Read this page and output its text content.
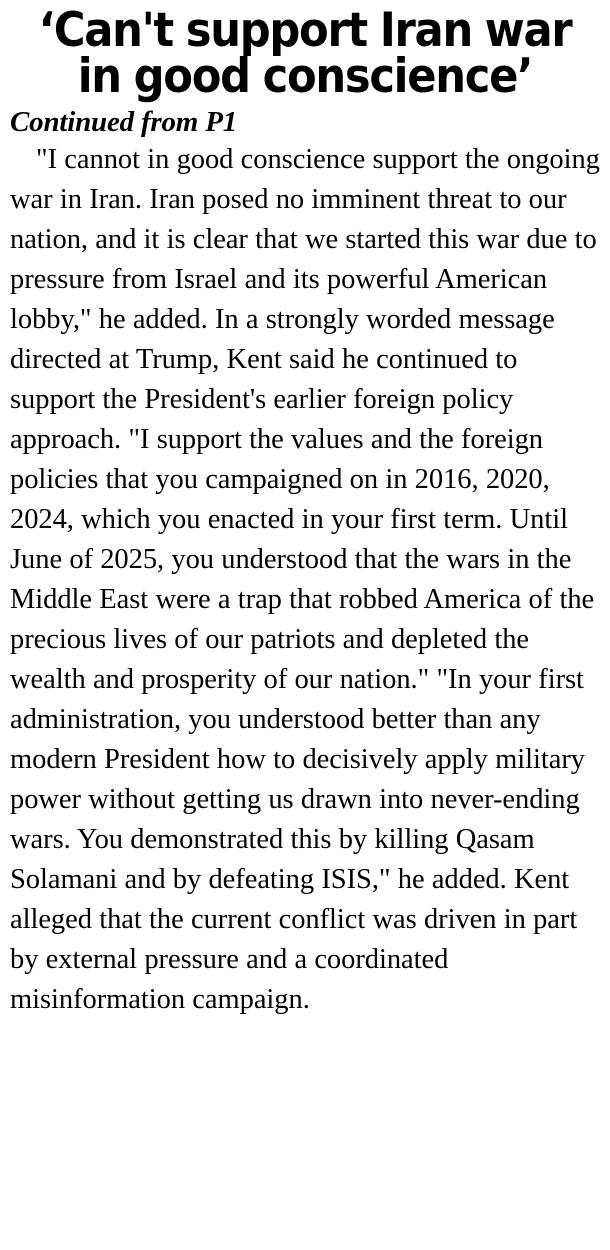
‘Can't support Iran war in good conscience’
Continued from P1

"I cannot in good conscience support the ongoing war in Iran. Iran posed no imminent threat to our nation, and it is clear that we started this war due to pressure from Israel and its powerful American lobby," he added. In a strongly worded message directed at Trump, Kent said he continued to support the President's earlier foreign policy approach. "I support the values and the foreign policies that you campaigned on in 2016, 2020, 2024, which you enacted in your first term. Until June of 2025, you understood that the wars in the Middle East were a trap that robbed America of the precious lives of our patriots and depleted the wealth and prosperity of our nation." "In your first administration, you understood better than any modern President how to decisively apply military power without getting us drawn into never-ending wars. You demonstrated this by killing Qasam Solamani and by defeating ISIS," he added. Kent alleged that the current conflict was driven in part by external pressure and a coordinated misinformation campaign.
